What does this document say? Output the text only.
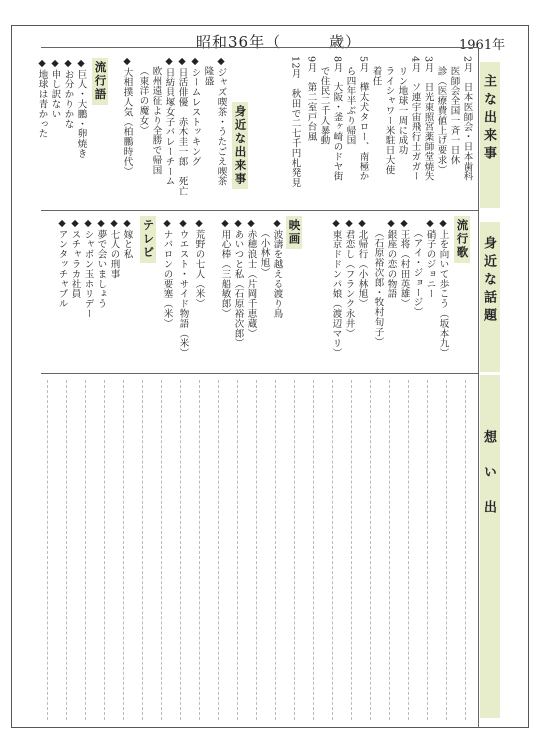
昭和36年（　　　歳）	1961年
主な出来事
身近な話題
想い出
2月　日本医師会・日本歯科
医師会全国一斉一日休
診（医療費値上げ要求）
3月　日光東照宮薬師堂焼失
4月　ソ連宇宙飛行士ガガー
リン地球一周に成功
ライシャワー米駐日大使
着任
5月　樺太犬タロー、南極か
ら四年半ぶり帰国
8月　大阪・釜ヶ崎のドヤ街
で住民二千人暴動
9月　第二室戸台風
12月　秋田で二七千円札発見
身近な出来事
◆ジャズ喫茶・うたごえ喫茶
隆盛
◆シームレストッキング
◆日活俳優　赤木圭一郎　死亡
◆日紡貝塚女子バレーチーム
欧州遠征より全勝で帰国
（東洋の魔女）
◆大相撲人気（柏鵬時代）
流行語
◆巨人・大鵬・卵焼き
◆お分かりかな
◆申し訳ない
◆地球は青かった
流行歌
◆上を向いて歩こう（坂本九）
◆硝子のジョニー
（アイ・ジョージ）
◆王将（村田英雄）
◆銀座の恋の物語
（石原裕次郎・牧村旬子）
◆北帰行（小林旭）
◆君恋し（フランク永井）
◆東京ドドンパ娘（渡辺マリ）
映画
◆波濤を越える渡り鳥
（小林旭）
◆赤穂浪士（片岡千恵蔵）
◆あいつと私（石原裕次郎）
◆用心棒（三船敏郎）
◆荒野の七人（米）
◆ウエスト・サイド物語（米）
◆ナバロンの要塞（米）
テレビ
◆嫁と私
◆七人の刑事
◆夢で会いましょう
◆シャボン玉ホリデー
◆スチャラカ社員
◆アンタッチャブル
